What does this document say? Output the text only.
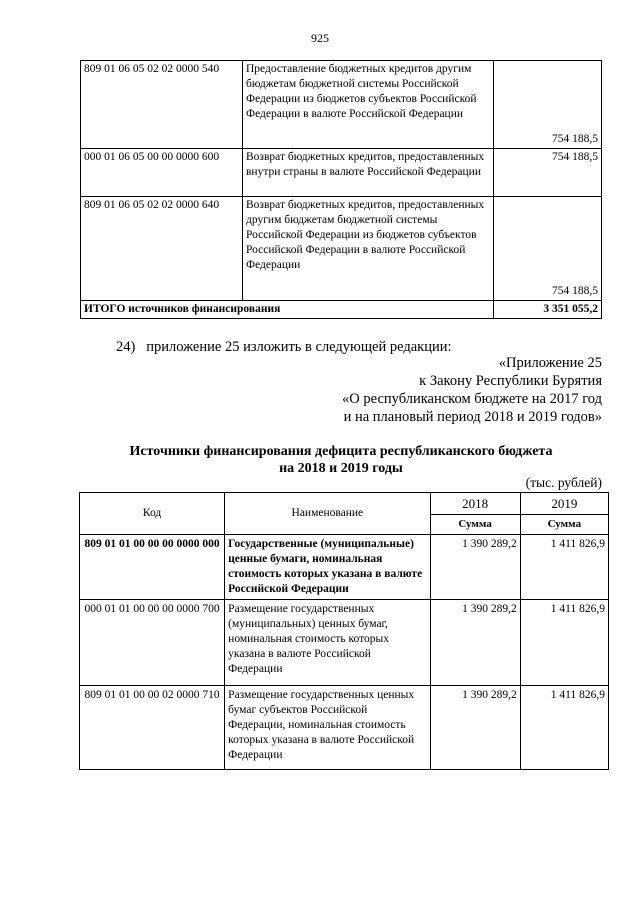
925
809 01 06 05 02 02 0000 540	Предоставление бюджетных кредитов другим бюджетам бюджетной системы Российской Федерации из бюджетов субъектов Российской Федерации в валюте Российской Федерации	754 188,5
000 01 06 05 00 00 0000 600	Возврат бюджетных кредитов, предоставленных внутри страны в валюте Российской Федерации	754 188,5
809 01 06 05 02 02 0000 640	Возврат бюджетных кредитов, предоставленных другим бюджетам бюджетной системы Российской Федерации из бюджетов субъектов Российской Федерации в валюте Российской Федерации	754 188,5
ИТОГО источников финансирования		3 351 055,2
24)   приложение 25 изложить в следующей редакции:
«Приложение 25
к Закону Республики Бурятия
«О республиканском бюджете на 2017 год
и на плановый период 2018 и 2019 годов»
Источники финансирования дефицита республиканского бюджета
на 2018 и 2019 годы
(тыс. рублей)
Код	Наименование	2018	2019
		Сумма	Сумма
809 01 01 00 00 00 0000 000	Государственные (муниципальные) ценные бумаги, номинальная стоимость которых указана в валюте Российской Федерации	1 390 289,2	1 411 826,9
000 01 01 00 00 00 0000 700	Размещение государственных (муниципальных) ценных бумаг, номинальная стоимость которых указана в валюте Российской Федерации	1 390 289,2	1 411 826,9
809 01 01 00 00 02 0000 710	Размещение государственных ценных бумаг субъектов Российской Федерации, номинальная стоимость которых указана в валюте Российской Федерации	1 390 289,2	1 411 826,9
